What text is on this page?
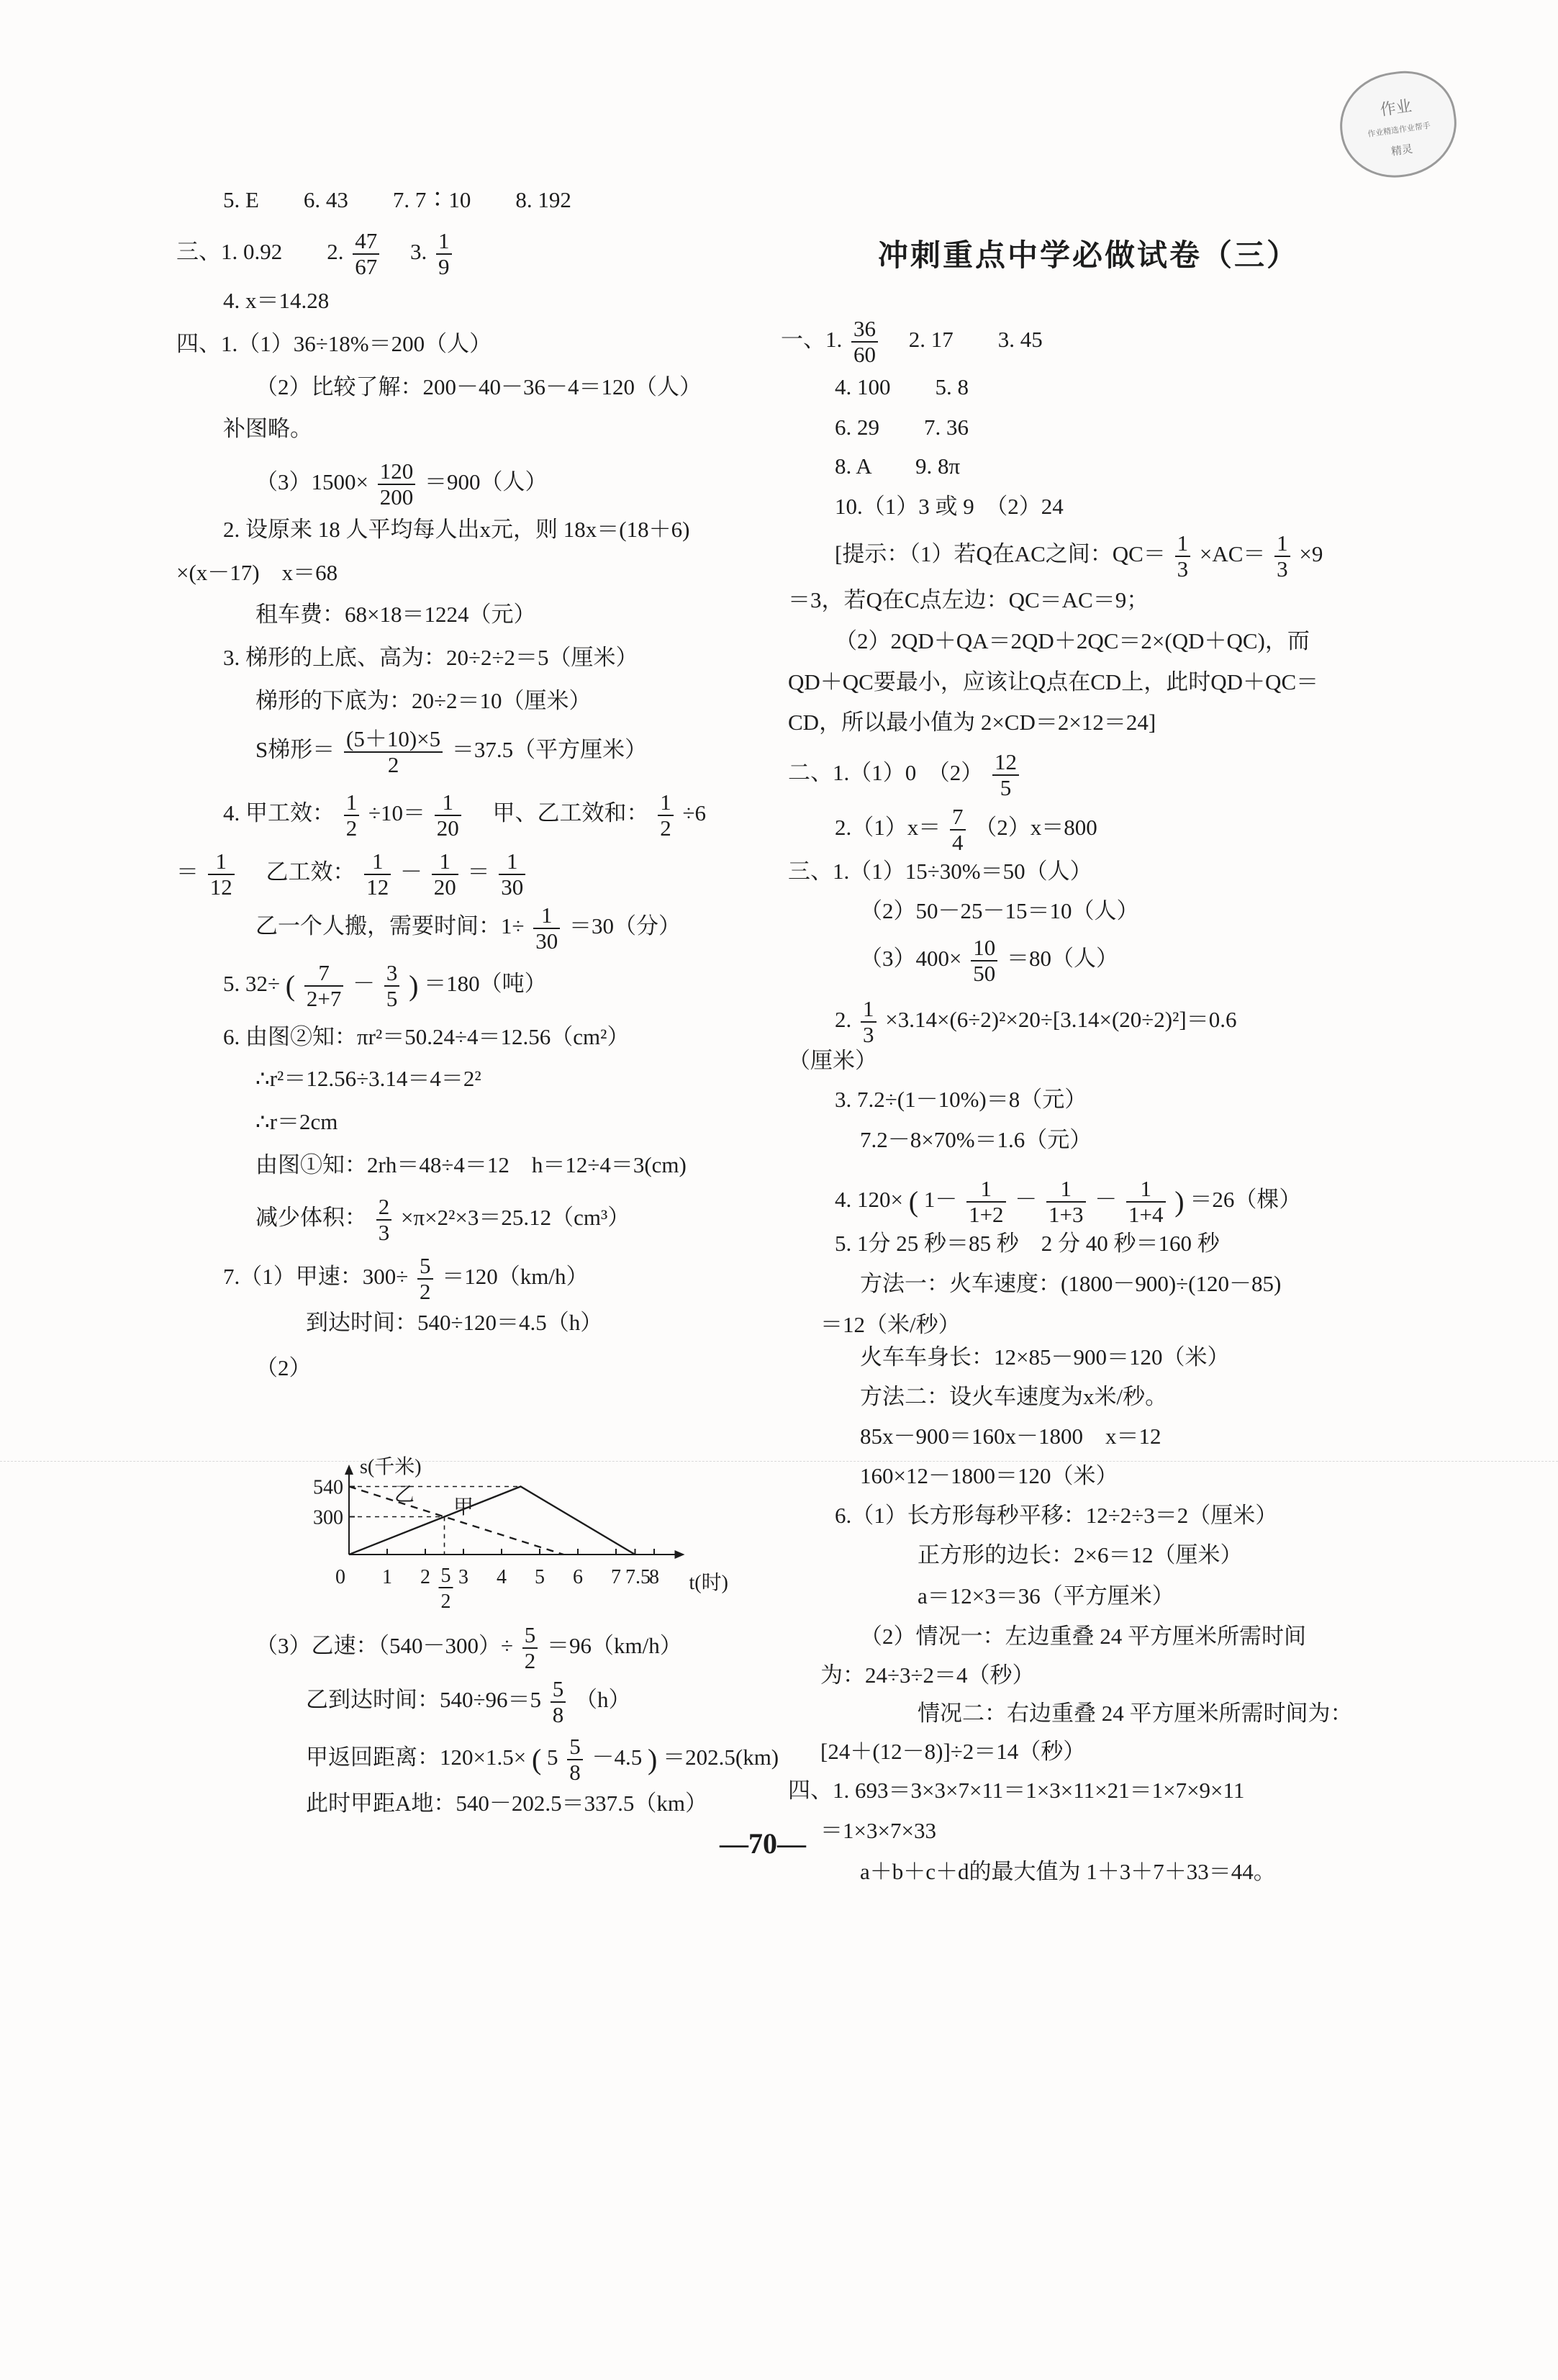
作业
作业精选作业帮手
精灵
5. E　　6. 43　　7. 7∶10　　8. 192
三、1. 0.92　　2. $\frac{47}{67} 3$. $\frac{1}{9}$
4. x＝14.28
四、1.（1）36÷18%＝200（人）
（2）比较了解：200－40－36－4＝120（人）
补图略。
$(3)1500\times \frac{120}{200} =900$（人）
2. 设原来 18 人平均每人出x元，则 18x＝(18＋6)
×(x－17)　x＝68
租车费：68×18＝1224（元）
3. 梯形的上底、高为：20÷2÷2＝5（厘米）
梯形的下底为：20÷2＝10（厘米）
S梯形＝ $\frac{(5+10)\times 5}{2} =37.5$（平方厘米）
4. 甲工效： $\frac{1}{2} \div 10= \frac{1}{20}$ 　甲、乙工效和： $\frac{1}{2} \div 6$
＝ $\frac{1}{12}$ 　乙工效： $\frac{1}{12} - \frac{1}{20} = \frac{1}{30}$
乙一个人搬，需要时间：$1\div \frac{1}{30} =30$（分）
5. 32÷ ( $\frac{7}{2+7} - \frac{3}{5}$ ) ＝180（吨）
6. 由图②知：πr²＝50.24÷4＝12.56（cm²）
∴r²＝12.56÷3.14＝4＝2²
∴r＝2cm
由图①知：2rh＝48÷4＝12　h＝12÷4＝3(cm)
减少体积： $\frac{2}{3} \times\pi\times 2^2\times 3=25.12(cm^3)$
7.（1）甲速：$300\div \frac{5}{2} =120(km/h)$
到达时间：540÷120＝4.5（h）
（2）
（3）乙速：$(540-300)\div \frac{5}{2} =96(km/h)$
乙到达时间：$540\div 96=5 \frac{5}{8} (h)$
甲返回距离：120×1.5× ( $5 \frac{5}{8} -4.5$ ) ＝202.5(km)
此时甲距A地：540－202.5＝337.5（km）
s(千米)
t(时)
540
300
0 1 2 3 4 5 6 7 7.5
8
5
2
乙
甲
冲刺重点中学必做试卷（三）
一、1. $\frac{36}{60} 2$. 17　　3. 45
4. 100　　5. 8
6. 29　　7. 36
8. A　　9. 8π
10.（1）3 或 9　（2）24
[提示：（1）若Q在AC之间：$QC= \frac{1}{3} \times AC= \frac{1}{3} \times 9$
＝3，若Q在C点左边：QC＝AC＝9；
（2）2QD＋QA＝2QD＋2QC＝2×(QD＋QC)，而
QD＋QC要最小，应该让Q点在CD上，此时QD＋QC＝
CD，所以最小值为 2×CD＝2×12＝24]
二、1.（1）0　$(2) \frac{12}{5}$
$2.(1)x= \frac{7}{4} (2)x=800$
三、1.（1）15÷30%＝50（人）
（2）50－25－15＝10（人）
$(3)400\times \frac{10}{50} =80$（人）
2. $\frac{1}{3} \times 3.14\times(6\div 2)^2\times 20\div[3.14\times(20\div 2)^2]=0.6$
（厘米）
3. 7.2÷(1－10%)＝8（元）
7.2－8×70%＝1.6（元）
4. 120× ( $1- \frac{1}{1+2} - \frac{1}{1+3} - \frac{1}{1+4}$ ) ＝26（棵）
5. 1分 25 秒＝85 秒　2 分 40 秒＝160 秒
方法一：火车速度：(1800－900)÷(120－85)
＝12（米/秒）
火车车身长：12×85－900＝120（米）
方法二：设火车速度为x米/秒。
85x－900＝160x－1800　x＝12
160×12－1800＝120（米）
6.（1）长方形每秒平移：12÷2÷3＝2（厘米）
正方形的边长：2×6＝12（厘米）
a＝12×3＝36（平方厘米）
（2）情况一：左边重叠 24 平方厘米所需时间
为：24÷3÷2＝4（秒）
情况二：右边重叠 24 平方厘米所需时间为：
[24＋(12－8)]÷2＝14（秒）
四、1. 693＝3×3×7×11＝1×3×11×21＝1×7×9×11
＝1×3×7×33
a＋b＋c＋d的最大值为 1＋3＋7＋33＝44。
—70—
